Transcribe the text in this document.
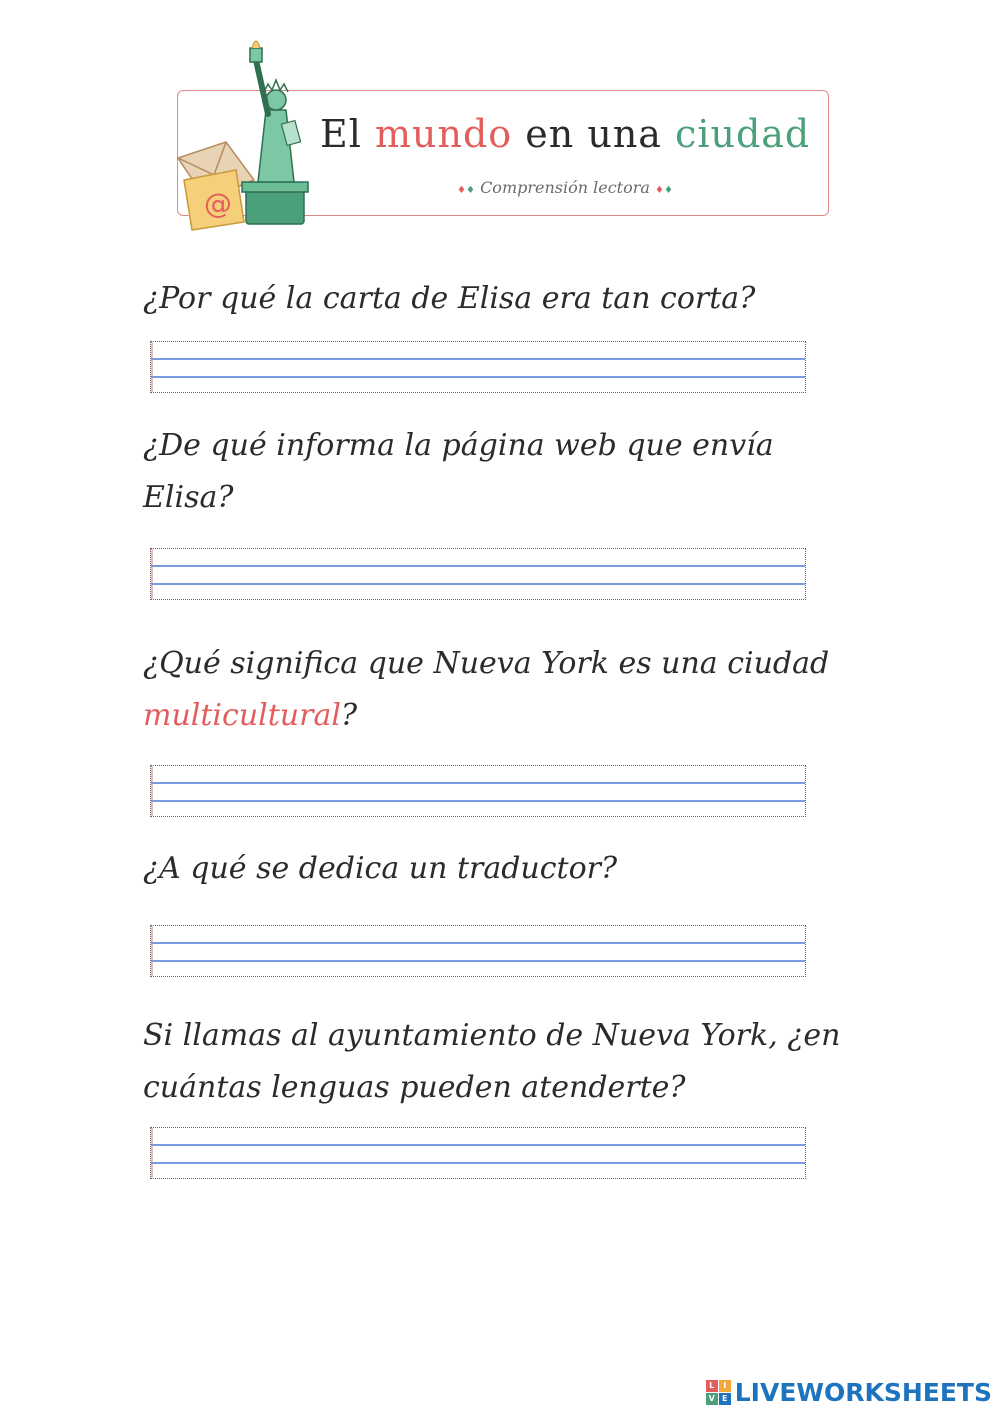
@
El mundo en una ciudad
♦♦ Comprensión lectora ♦♦
¿Por qué la carta de Elisa era tan corta?
¿De qué informa la página web que envía Elisa?
¿Qué significa que Nueva York es una ciudad multicultural?
¿A qué se dedica un traductor?
Si llamas al ayuntamiento de Nueva York, ¿en cuántas lenguas pueden atenderte?
L	I
V E LIVEWORKSHEETS
